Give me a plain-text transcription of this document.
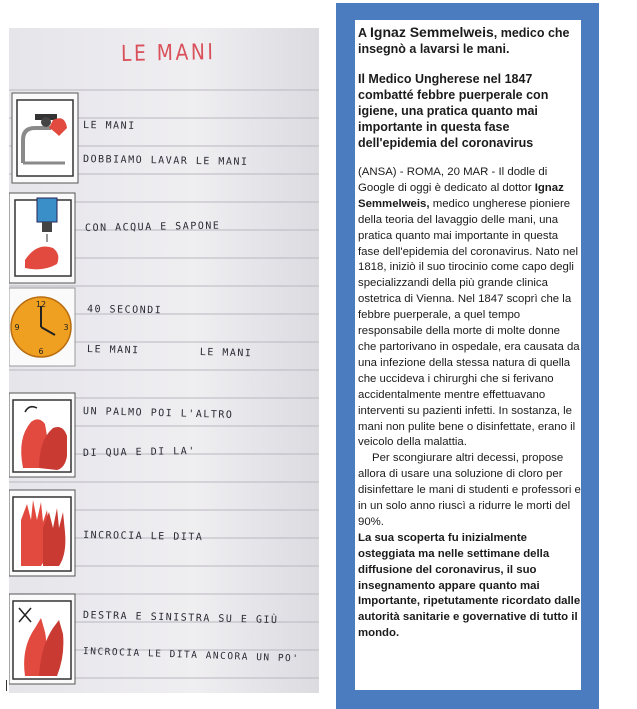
12
3
6
9
LE MANI
LE MANI
DOBBIAMO LAVAR LE MANI
CON ACQUA E SAPONE
40 SECONDI
LE MANI        LE MANI
UN PALMO POI L'ALTRO
DI QUA E DI LA'
INCROCIA LE DITA
DESTRA E SINISTRA SU E GIÙ
INCROCIA LE DITA ANCORA UN PO'

A Ignaz Semmelweis, medico che insegnò a lavarsi le mani.

Il Medico Ungherese nel 1847 combatté febbre puerperale con igiene, una pratica quanto mai importante in questa fase dell'epidemia del coronavirus

(ANSA) - ROMA, 20 MAR - Il dodle di Google di oggi è dedicato al dottor Ignaz Semmelweis, medico ungherese pioniere della teoria del lavaggio delle mani, una pratica quanto mai importante in questa fase dell'epidemia del coronavirus. Nato nel 1818, iniziò il suo tirocinio come capo degli specializzandi della più grande clinica ostetrica di Vienna. Nel 1847 scoprì che la febbre puerperale, a quel tempo responsabile della morte di molte donne che partorivano in ospedale, era causata da una infezione della stessa natura di quella che uccideva i chirurghi che si ferivano accidentalmente mentre effettuavano interventi su pazienti infetti. In sostanza, le mani non pulite bene o disinfettate, erano il veicolo della malattia.

Per scongiurare altri decessi, propose allora di usare una soluzione di cloro per disinfettare le mani di studenti e professori e in un solo anno riuscì a ridurre le morti del 90%.

La sua scoperta fu inizialmente osteggiata ma nelle settimane della diffusione del coronavirus, il suo insegnamento appare quanto mai Importante, ripetutamente ricordato dalle autorità sanitarie e governative di tutto il mondo.
